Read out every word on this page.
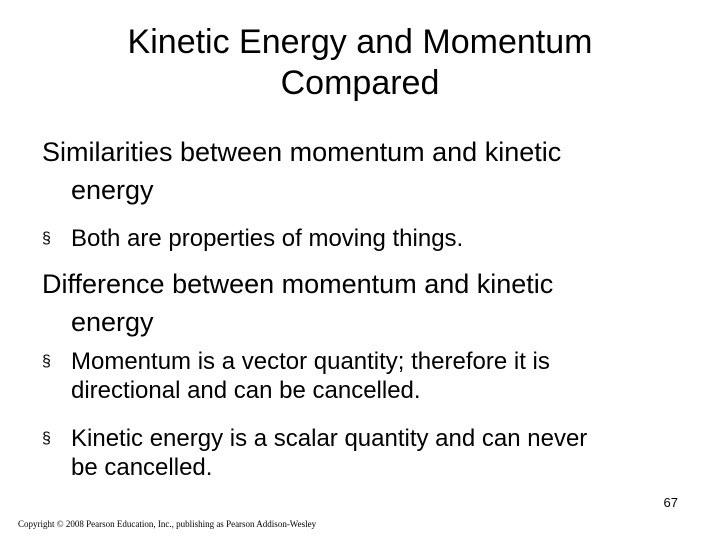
Kinetic Energy and Momentum
Compared
Similarities between momentum and kinetic
energy
§ Both are properties of moving things.
Difference between momentum and kinetic
energy
§ Momentum is a vector quantity; therefore it is
directional and can be cancelled.
§ Kinetic energy is a scalar quantity and can never
be cancelled.
67
Copyright © 2008 Pearson Education, Inc., publishing as Pearson Addison-Wesley
